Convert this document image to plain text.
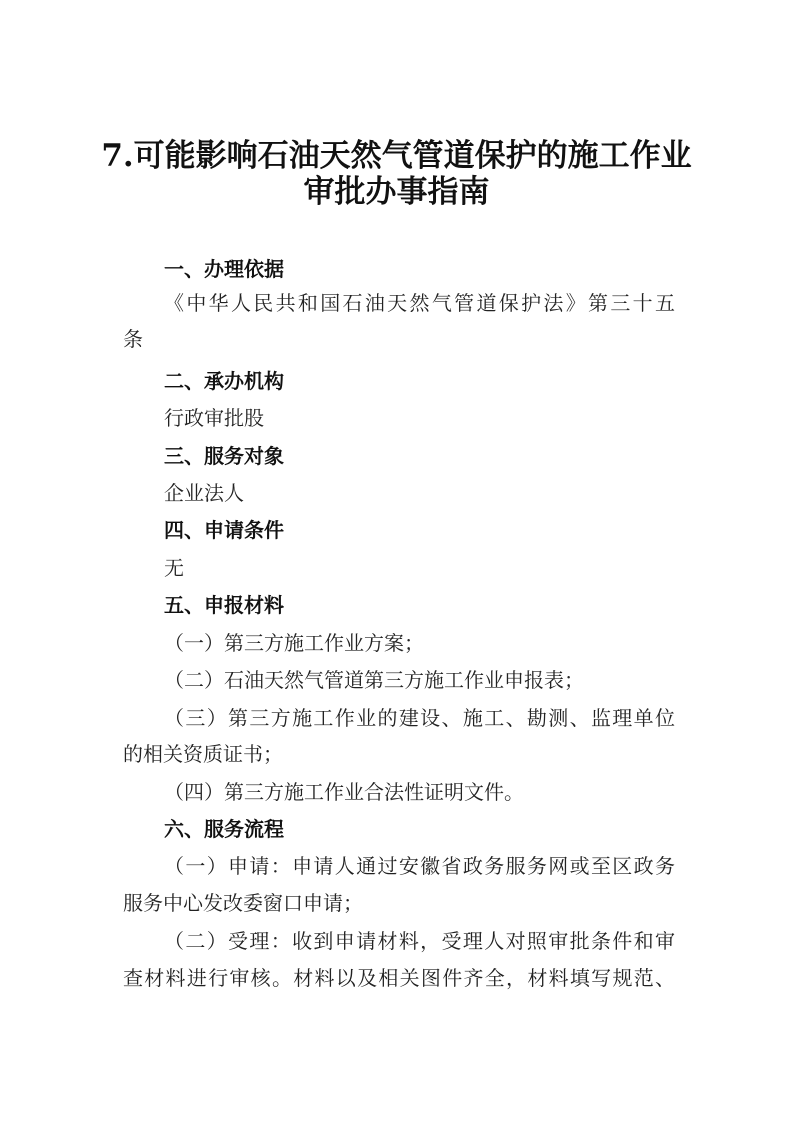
7.可能影响石油天然气管道保护的施工作业
审批办事指南
一、办理依据
《中华人民共和国石油天然气管道保护法》第三十五
条
二、承办机构
行政审批股
三、服务对象
企业法人
四、申请条件
无
五、申报材料
（一）第三方施工作业方案；
（二）石油天然气管道第三方施工作业申报表；
（三）第三方施工作业的建设、施工、勘测、监理单位
的相关资质证书；
（四）第三方施工作业合法性证明文件。
六、服务流程
（一）申请：申请人通过安徽省政务服务网或至区政务
服务中心发改委窗口申请；
（二）受理：收到申请材料，受理人对照审批条件和审
查材料进行审核。材料以及相关图件齐全，材料填写规范、
